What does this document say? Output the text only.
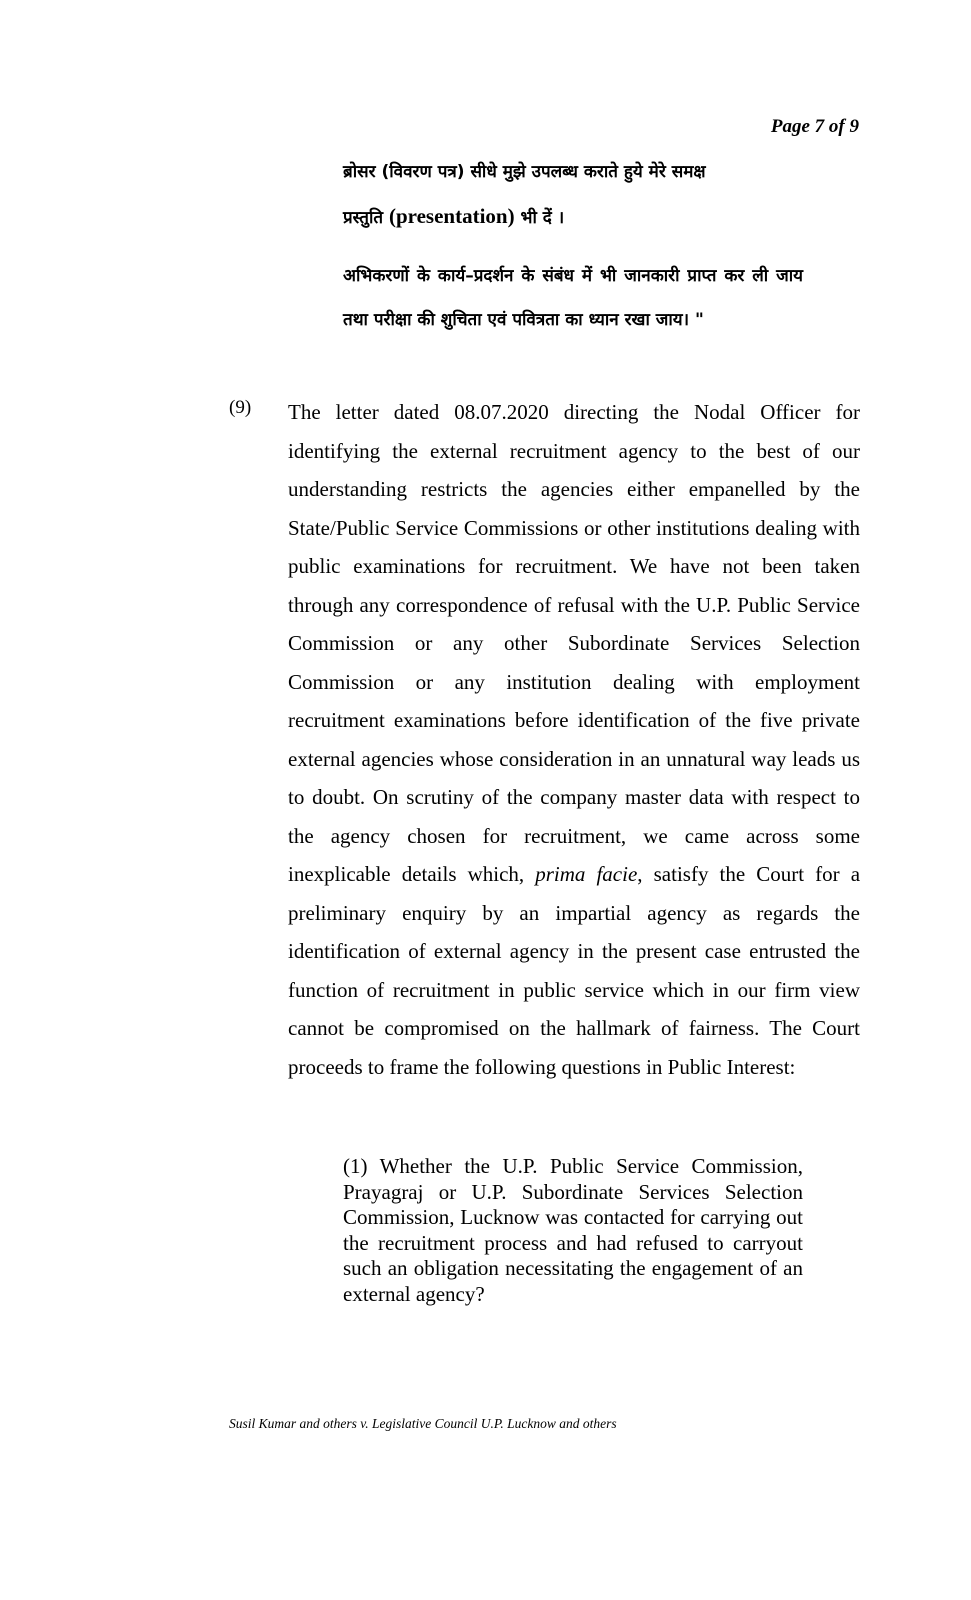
Page 7 of 9
ब्रोसर (विवरण पत्र) सीधे मुझे उपलब्ध कराते हुये मेरे समक्ष
प्रस्तुति (presentation) भी दें ।
अभिकरणों के कार्य–प्रदर्शन के संबंध में भी जानकारी प्राप्त कर ली जाय तथा परीक्षा की शुचिता एवं पवित्रता का ध्यान रखा जाय। "
(9) The letter dated 08.07.2020 directing the Nodal Officer for identifying the external recruitment agency to the best of our understanding restricts the agencies either empanelled by the State/Public Service Commissions or other institutions dealing with public examinations for recruitment. We have not been taken through any correspondence of refusal with the U.P. Public Service Commission or any other Subordinate Services Selection Commission or any institution dealing with employment recruitment examinations before identification of the five private external agencies whose consideration in an unnatural way leads us to doubt. On scrutiny of the company master data with respect to the agency chosen for recruitment, we came across some inexplicable details which, prima facie, satisfy the Court for a preliminary enquiry by an impartial agency as regards the identification of external agency in the present case entrusted the function of recruitment in public service which in our firm view cannot be compromised on the hallmark of fairness. The Court proceeds to frame the following questions in Public Interest:
(1) Whether the U.P. Public Service Commission, Prayagraj or U.P. Subordinate Services Selection Commission, Lucknow was contacted for carrying out the recruitment process and had refused to carryout such an obligation necessitating the engagement of an external agency?
Susil Kumar and others v. Legislative Council U.P. Lucknow and others
